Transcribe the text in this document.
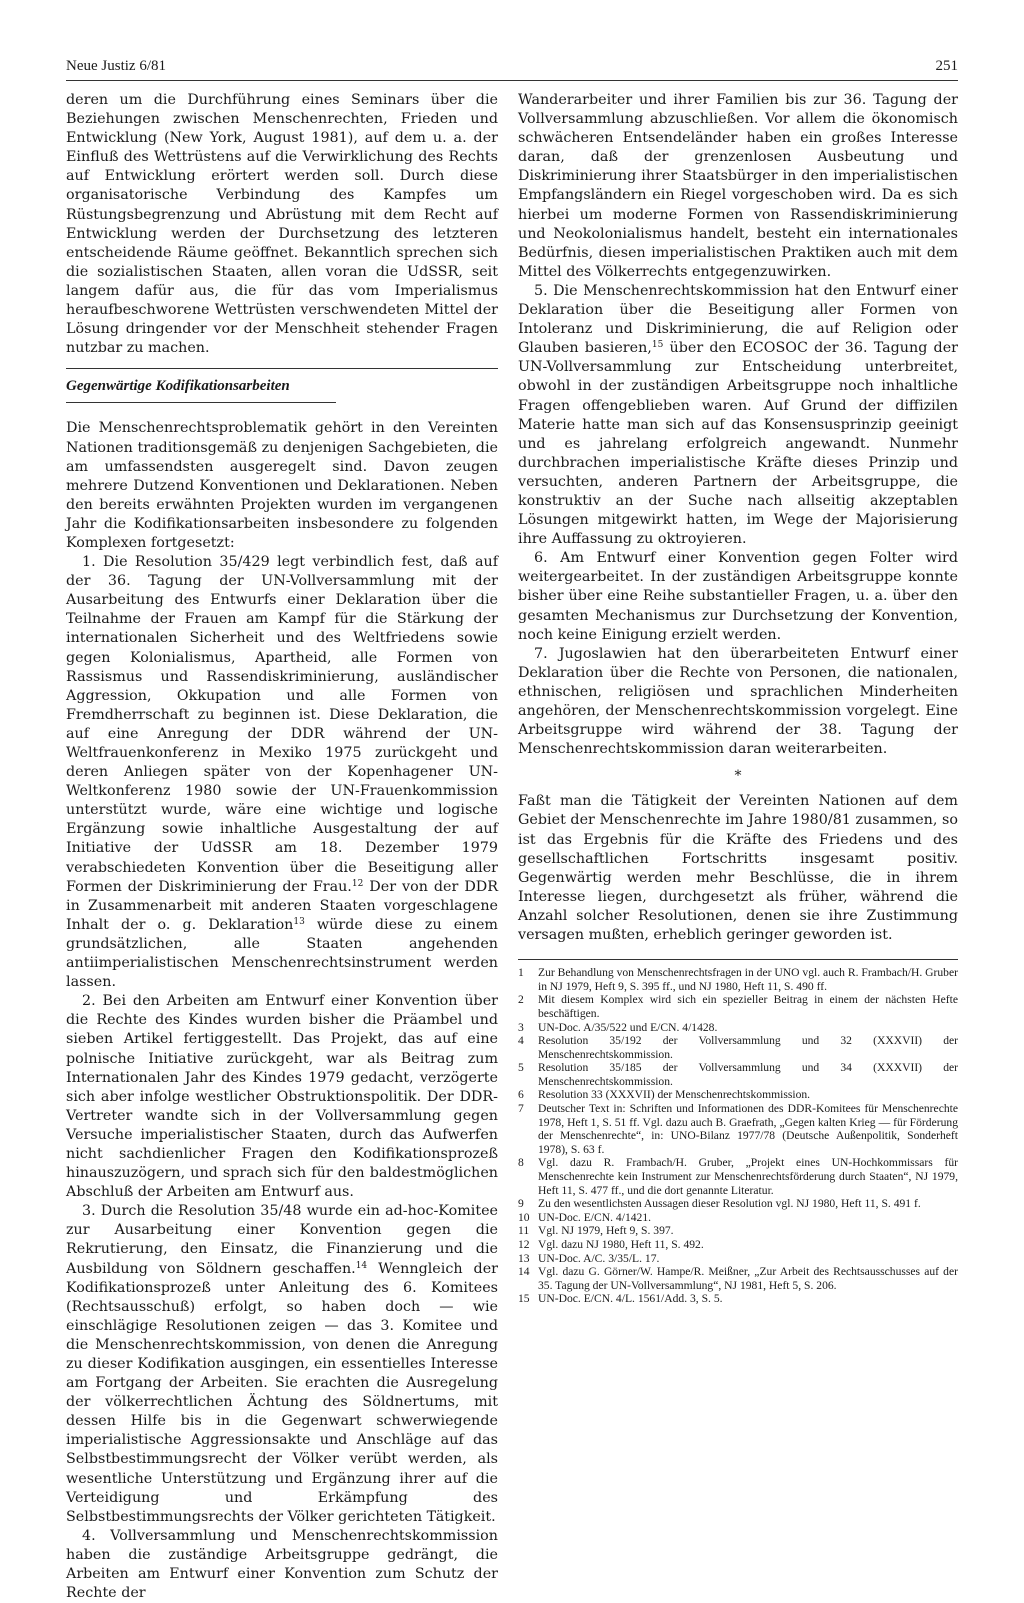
Neue Justiz 6/81	251

deren um die Durchführung eines Seminars über die Beziehungen zwischen Menschenrechten, Frieden und Entwicklung (New York, August 1981), auf dem u. a. der Einfluß des Wettrüstens auf die Verwirklichung des Rechts auf Entwicklung erörtert werden soll. Durch diese organisatorische Verbindung des Kampfes um Rüstungsbegrenzung und Abrüstung mit dem Recht auf Entwicklung werden der Durchsetzung des letzteren entscheidende Räume geöffnet. Bekanntlich sprechen sich die sozialistischen Staaten, allen voran die UdSSR, seit langem dafür aus, die für das vom Imperialismus heraufbeschworene Wettrüsten verschwendeten Mittel der Lösung dringender vor der Menschheit stehender Fragen nutzbar zu machen.

Gegenwärtige Kodifikationsarbeiten

Die Menschenrechtsproblematik gehört in den Vereinten Nationen traditionsgemäß zu denjenigen Sachgebieten, die am umfassendsten ausgeregelt sind. Davon zeugen mehrere Dutzend Konventionen und Deklarationen. Neben den bereits erwähnten Projekten wurden im vergangenen Jahr die Kodifikationsarbeiten insbesondere zu folgenden Komplexen fortgesetzt:

1. Die Resolution 35/429 legt verbindlich fest, daß auf der 36. Tagung der UN-Vollversammlung mit der Ausarbeitung des Entwurfs einer Deklaration über die Teilnahme der Frauen am Kampf für die Stärkung der internationalen Sicherheit und des Weltfriedens sowie gegen Kolonialismus, Apartheid, alle Formen von Rassismus und Rassendiskriminierung, ausländischer Aggression, Okkupation und alle Formen von Fremdherrschaft zu beginnen ist. Diese Deklaration, die auf eine Anregung der DDR während der UN-Weltfrauenkonferenz in Mexiko 1975 zurückgeht und deren Anliegen später von der Kopenhagener UN-Weltkonferenz 1980 sowie der UN-Frauenkommission unterstützt wurde, wäre eine wichtige und logische Ergänzung sowie inhaltliche Ausgestaltung der auf Initiative der UdSSR am 18. Dezember 1979 verabschiedeten Konvention über die Beseitigung aller Formen der Diskriminierung der Frau.$^{12}$ Der von der DDR in Zusammenarbeit mit anderen Staaten vorgeschlagene Inhalt der o. g. Deklaration$^{13}$ würde diese zu einem grundsätzlichen, alle Staaten angehenden antiimperialistischen Menschenrechtsinstrument werden lassen.

2. Bei den Arbeiten am Entwurf einer Konvention über die Rechte des Kindes wurden bisher die Präambel und sieben Artikel fertiggestellt. Das Projekt, das auf eine polnische Initiative zurückgeht, war als Beitrag zum Internationalen Jahr des Kindes 1979 gedacht, verzögerte sich aber infolge westlicher Obstruktionspolitik. Der DDR-Vertreter wandte sich in der Vollversammlung gegen Versuche imperialistischer Staaten, durch das Aufwerfen nicht sachdienlicher Fragen den Kodifikationsprozeß hinauszuzögern, und sprach sich für den baldestmöglichen Abschluß der Arbeiten am Entwurf aus.

3. Durch die Resolution 35/48 wurde ein ad-hoc-Komitee zur Ausarbeitung einer Konvention gegen die Rekrutierung, den Einsatz, die Finanzierung und die Ausbildung von Söldnern geschaffen.$^{14}$ Wenngleich der Kodifikationsprozeß unter Anleitung des 6. Komitees (Rechtsausschuß) erfolgt, so haben doch — wie einschlägige Resolutionen zeigen — das 3. Komitee und die Menschenrechtskommission, von denen die Anregung zu dieser Kodifikation ausgingen, ein essentielles Interesse am Fortgang der Arbeiten. Sie erachten die Ausregelung der völkerrechtlichen Ächtung des Söldnertums, mit dessen Hilfe bis in die Gegenwart schwerwiegende imperialistische Aggressionsakte und Anschläge auf das Selbstbestimmungsrecht der Völker verübt werden, als wesentliche Unterstützung und Ergänzung ihrer auf die Verteidigung und Erkämpfung des Selbstbestimmungsrechts der Völker gerichteten Tätigkeit.

4. Vollversammlung und Menschenrechtskommission haben die zuständige Arbeitsgruppe gedrängt, die Arbeiten am Entwurf einer Konvention zum Schutz der Rechte der

Wanderarbeiter und ihrer Familien bis zur 36. Tagung der Vollversammlung abzuschließen. Vor allem die ökonomisch schwächeren Entsendeländer haben ein großes Interesse daran, daß der grenzenlosen Ausbeutung und Diskriminierung ihrer Staatsbürger in den imperialistischen Empfangsländern ein Riegel vorgeschoben wird. Da es sich hierbei um moderne Formen von Rassendiskriminierung und Neokolonialismus handelt, besteht ein internationales Bedürfnis, diesen imperialistischen Praktiken auch mit dem Mittel des Völkerrechts entgegenzuwirken.

5. Die Menschenrechtskommission hat den Entwurf einer Deklaration über die Beseitigung aller Formen von Intoleranz und Diskriminierung, die auf Religion oder Glauben basieren,$^{15}$ über den ECOSOC der 36. Tagung der UN-Vollversammlung zur Entscheidung unterbreitet, obwohl in der zuständigen Arbeitsgruppe noch inhaltliche Fragen offengeblieben waren. Auf Grund der diffizilen Materie hatte man sich auf das Konsensusprinzip geeinigt und es jahrelang erfolgreich angewandt. Nunmehr durchbrachen imperialistische Kräfte dieses Prinzip und versuchten, anderen Partnern der Arbeitsgruppe, die konstruktiv an der Suche nach allseitig akzeptablen Lösungen mitgewirkt hatten, im Wege der Majorisierung ihre Auffassung zu oktroyieren.

6. Am Entwurf einer Konvention gegen Folter wird weitergearbeitet. In der zuständigen Arbeitsgruppe konnte bisher über eine Reihe substantieller Fragen, u. a. über den gesamten Mechanismus zur Durchsetzung der Konvention, noch keine Einigung erzielt werden.

7. Jugoslawien hat den überarbeiteten Entwurf einer Deklaration über die Rechte von Personen, die nationalen, ethnischen, religiösen und sprachlichen Minderheiten angehören, der Menschenrechtskommission vorgelegt. Eine Arbeitsgruppe wird während der 38. Tagung der Menschenrechtskommission daran weiterarbeiten.

*

Faßt man die Tätigkeit der Vereinten Nationen auf dem Gebiet der Menschenrechte im Jahre 1980/81 zusammen, so ist das Ergebnis für die Kräfte des Friedens und des gesellschaftlichen Fortschritts insgesamt positiv. Gegenwärtig werden mehr Beschlüsse, die in ihrem Interesse liegen, durchgesetzt als früher, während die Anzahl solcher Resolutionen, denen sie ihre Zustimmung versagen mußten, erheblich geringer geworden ist.

1	Zur Behandlung von Menschenrechtsfragen in der UNO vgl. auch R. Frambach/H. Gruber in NJ 1979, Heft 9, S. 395 ff., und NJ 1980, Heft 11, S. 490 ff.
2	Mit diesem Komplex wird sich ein spezieller Beitrag in einem der nächsten Hefte beschäftigen.
3	UN-Doc. A/35/522 und E/CN. 4/1428.
4	Resolution 35/192 der Vollversammlung und 32 (XXXVII) der Menschenrechtskommission.
5	Resolution 35/185 der Vollversammlung und 34 (XXXVII) der Menschenrechtskommission.
6	Resolution 33 (XXXVII) der Menschenrechtskommission.
7	Deutscher Text in: Schriften und Informationen des DDR-Komitees für Menschenrechte 1978, Heft 1, S. 51 ff. Vgl. dazu auch B. Graefrath, „Gegen kalten Krieg — für Förderung der Menschenrechte“, in: UNO-Bilanz 1977/78 (Deutsche Außenpolitik, Sonderheft 1978), S. 63 f.
8	Vgl. dazu R. Frambach/H. Gruber, „Projekt eines UN-Hochkommissars für Menschenrechte kein Instrument zur Menschenrechtsförderung durch Staaten“, NJ 1979, Heft 11, S. 477 ff., und die dort genannte Literatur.
9	Zu den wesentlichsten Aussagen dieser Resolution vgl. NJ 1980, Heft 11, S. 491 f.
10 UN-Doc. E/CN. 4/1421.
11 Vgl. NJ 1979, Heft 9, S. 397.
12 Vgl. dazu NJ 1980, Heft 11, S. 492.
13 UN-Doc. A/C. 3/35/L. 17.
14 Vgl. dazu G. Görner/W. Hampe/R. Meißner, „Zur Arbeit des Rechtsausschusses auf der 35. Tagung der UN-Vollversammlung“, NJ 1981, Heft 5, S. 206.
15 UN-Doc. E/CN. 4/L. 1561/Add. 3, S. 5.
